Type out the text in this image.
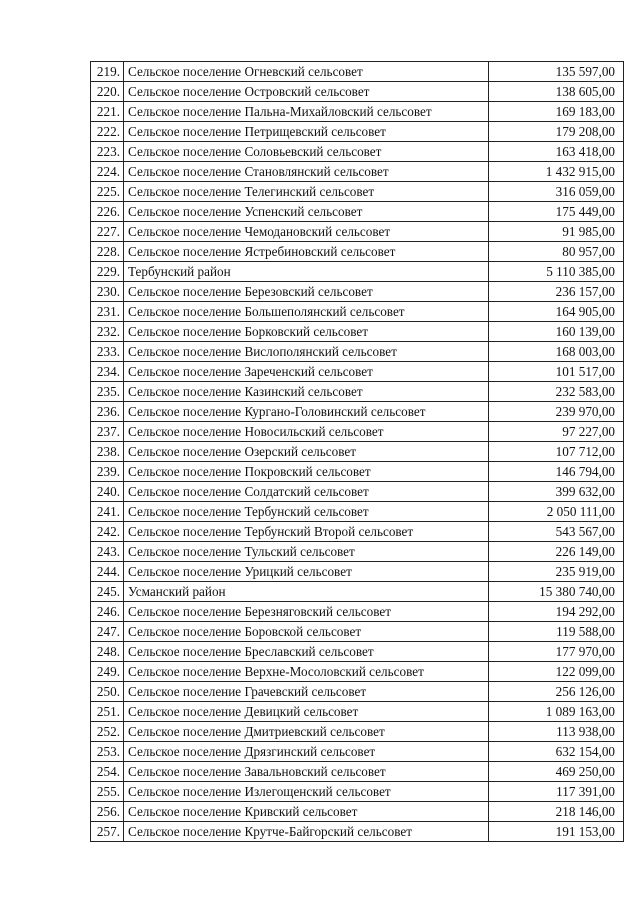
219.	Сельское поселение Огневский сельсовет	135 597,00
220.	Сельское поселение Островский сельсовет	138 605,00
221.	Сельское поселение Пальна-Михайловский сельсовет	169 183,00
222.	Сельское поселение Петрищевский сельсовет	179 208,00
223.	Сельское поселение Соловьевский сельсовет	163 418,00
224.	Сельское поселение Становлянский сельсовет	1 432 915,00
225.	Сельское поселение Телегинский сельсовет	316 059,00
226.	Сельское поселение Успенский сельсовет	175 449,00
227.	Сельское поселение Чемодановский сельсовет	91 985,00
228.	Сельское поселение Ястребиновский сельсовет	80 957,00
229.	Тербунский район	5 110 385,00
230.	Сельское поселение Березовский сельсовет	236 157,00
231.	Сельское поселение Большеполянский сельсовет	164 905,00
232.	Сельское поселение Борковский сельсовет	160 139,00
233.	Сельское поселение Вислополянский сельсовет	168 003,00
234.	Сельское поселение Зареченский сельсовет	101 517,00
235.	Сельское поселение Казинский сельсовет	232 583,00
236.	Сельское поселение Кургано-Головинский сельсовет	239 970,00
237.	Сельское поселение Новосильский сельсовет	97 227,00
238.	Сельское поселение Озерский сельсовет	107 712,00
239.	Сельское поселение Покровский сельсовет	146 794,00
240.	Сельское поселение Солдатский сельсовет	399 632,00
241.	Сельское поселение Тербунский сельсовет	2 050 111,00
242.	Сельское поселение Тербунский Второй сельсовет	543 567,00
243.	Сельское поселение Тульский сельсовет	226 149,00
244.	Сельское поселение Урицкий сельсовет	235 919,00
245.	Усманский район	15 380 740,00
246.	Сельское поселение Березняговский сельсовет	194 292,00
247.	Сельское поселение Боровской сельсовет	119 588,00
248.	Сельское поселение Бреславский сельсовет	177 970,00
249.	Сельское поселение Верхне-Мосоловский сельсовет	122 099,00
250.	Сельское поселение Грачевский сельсовет	256 126,00
251.	Сельское поселение Девицкий сельсовет	1 089 163,00
252.	Сельское поселение Дмитриевский сельсовет	113 938,00
253.	Сельское поселение Дрязгинский сельсовет	632 154,00
254.	Сельское поселение Завальновский сельсовет	469 250,00
255.	Сельское поселение Излегощенский сельсовет	117 391,00
256.	Сельское поселение Кривский сельсовет	218 146,00
257.	Сельское поселение Крутче-Байгорский сельсовет	191 153,00
